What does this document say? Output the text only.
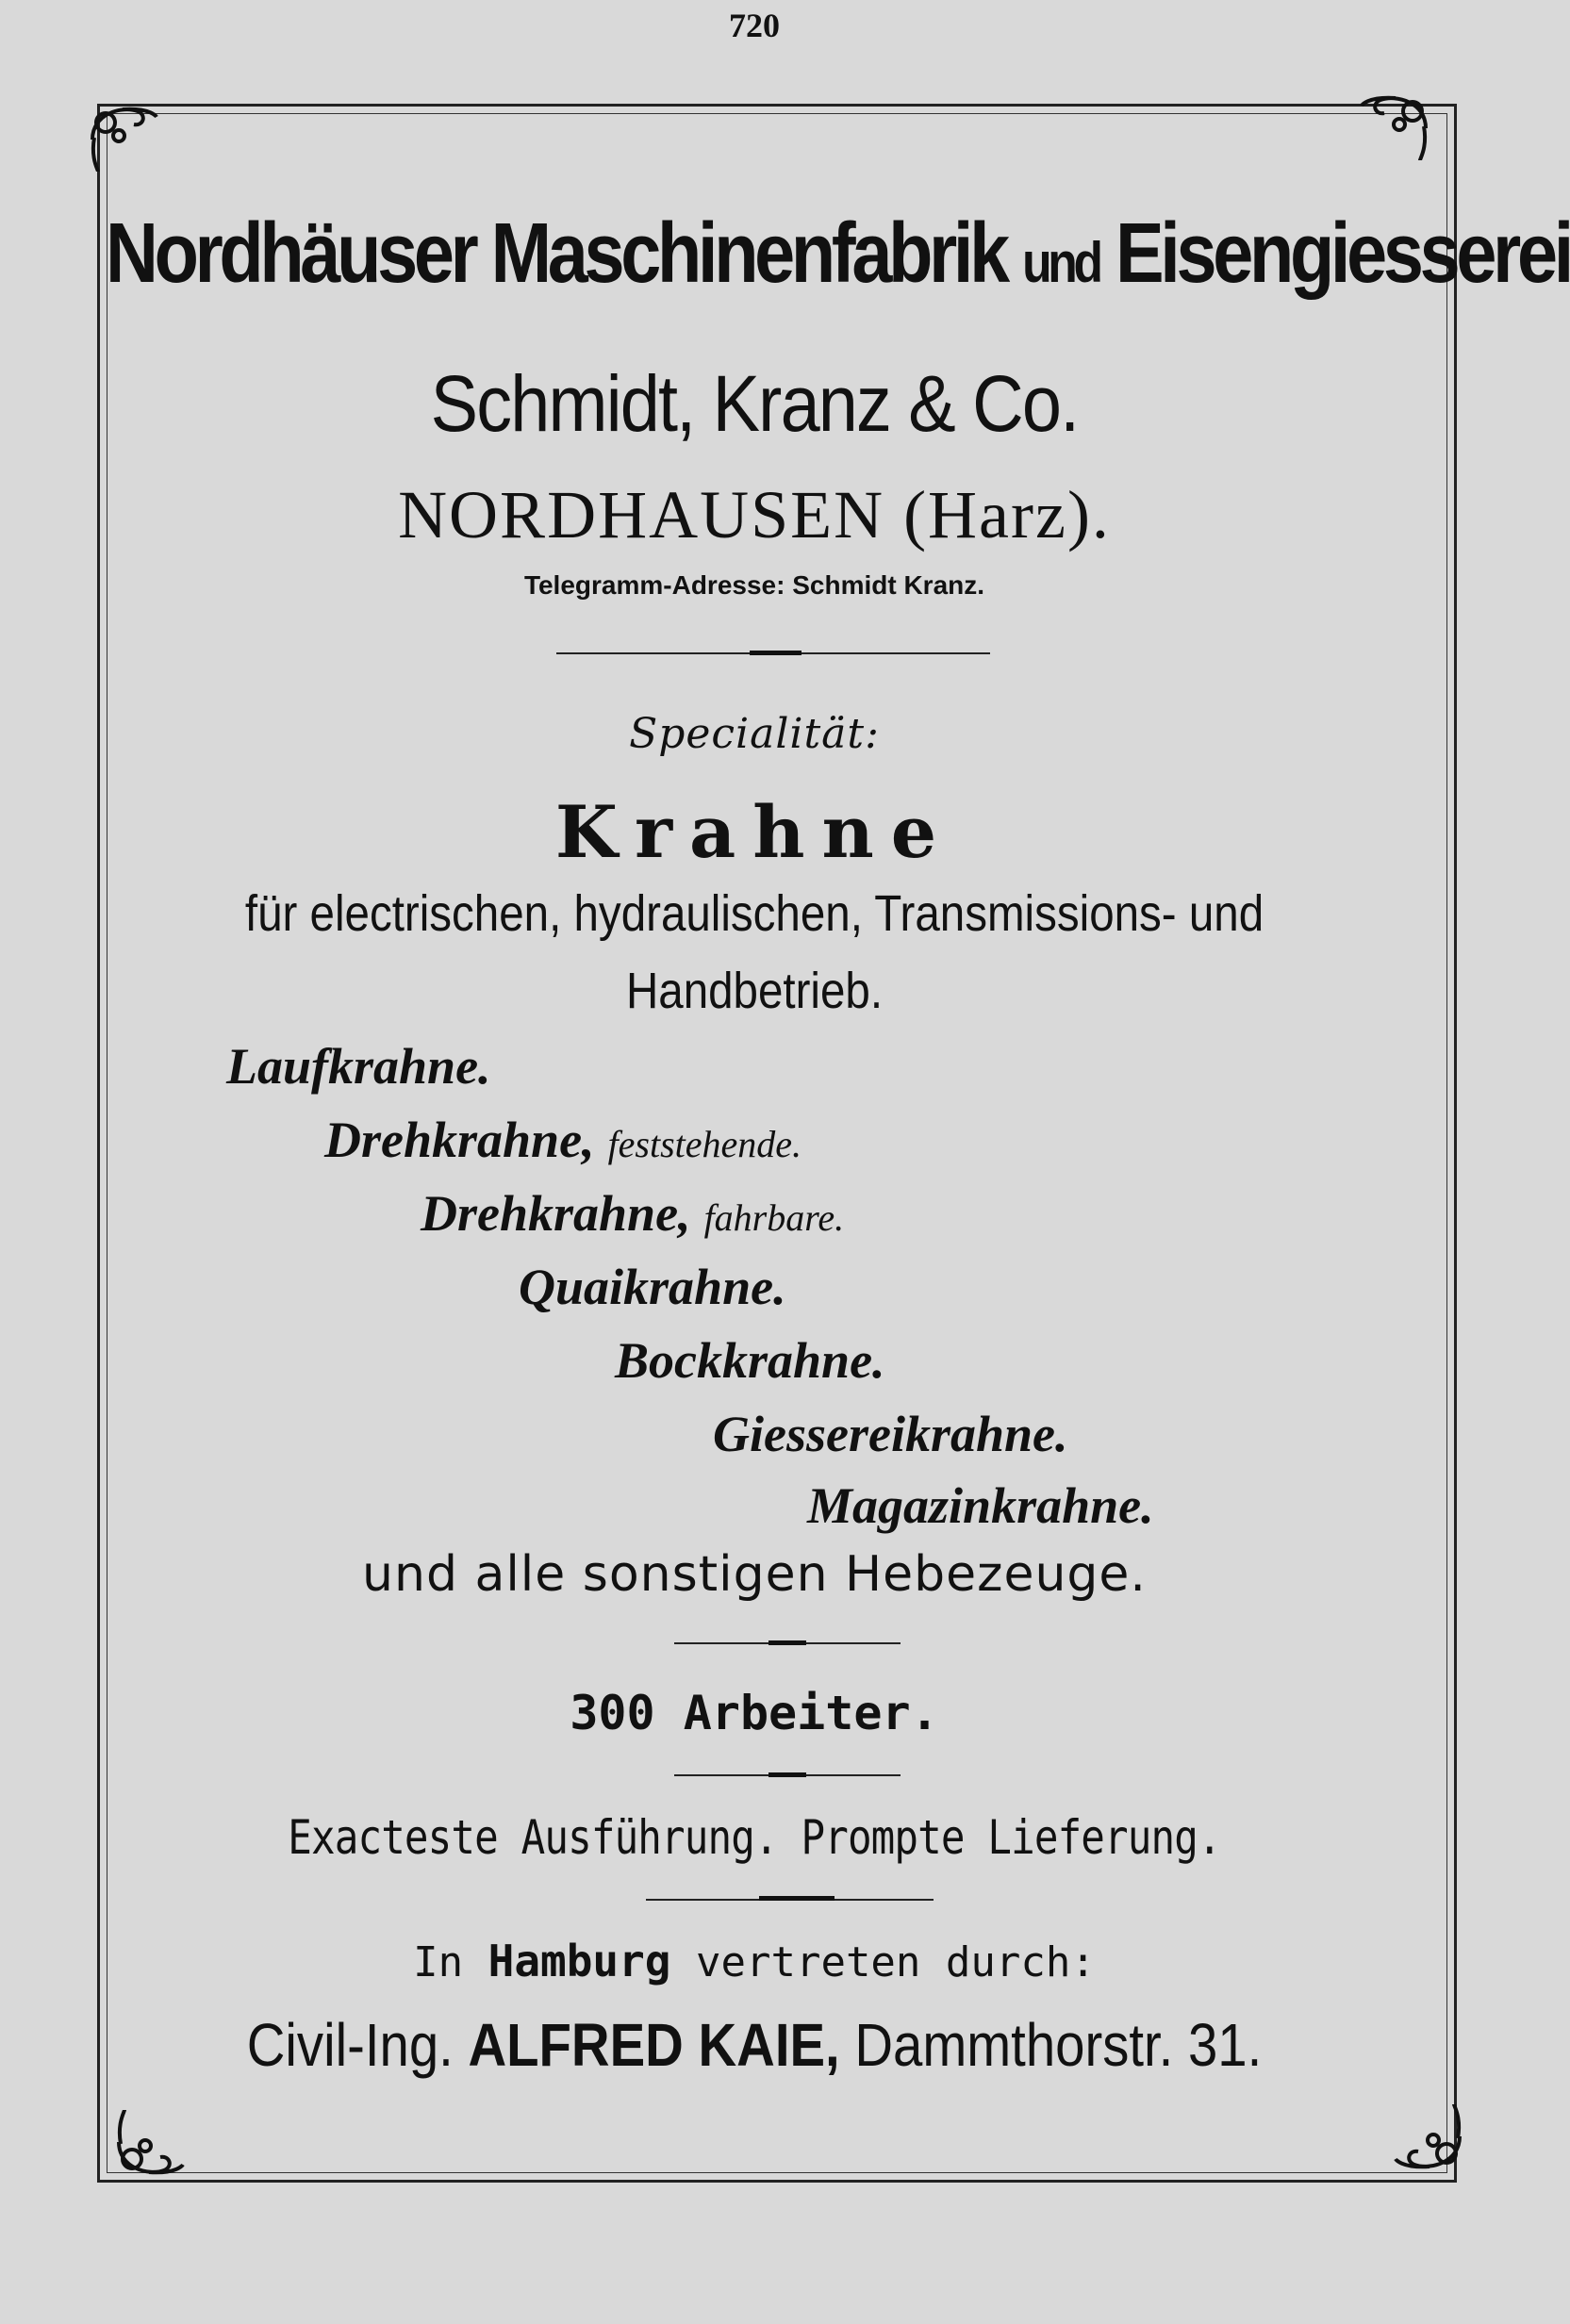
720
Nordhäuser Maschinenfabrik und Eisengiesserei
Schmidt, Kranz & Co.
NORDHAUSEN (Harz).
Telegramm-Adresse: Schmidt Kranz.
Specialität:
Krahne
für electrischen, hydraulischen, Transmissions- und
Handbetrieb.
Laufkrahne.
Drehkrahne, feststehende.
Drehkrahne, fahrbare.
Quaikrahne.
Bockkrahne.
Giessereikrahne.
Magazinkrahne.
und alle sonstigen Hebezeuge.
300 Arbeiter.
Exacteste Ausführung. Prompte Lieferung.
In Hamburg vertreten durch:
Civil-Ing. ALFRED KAIE, Dammthorstr. 31.
